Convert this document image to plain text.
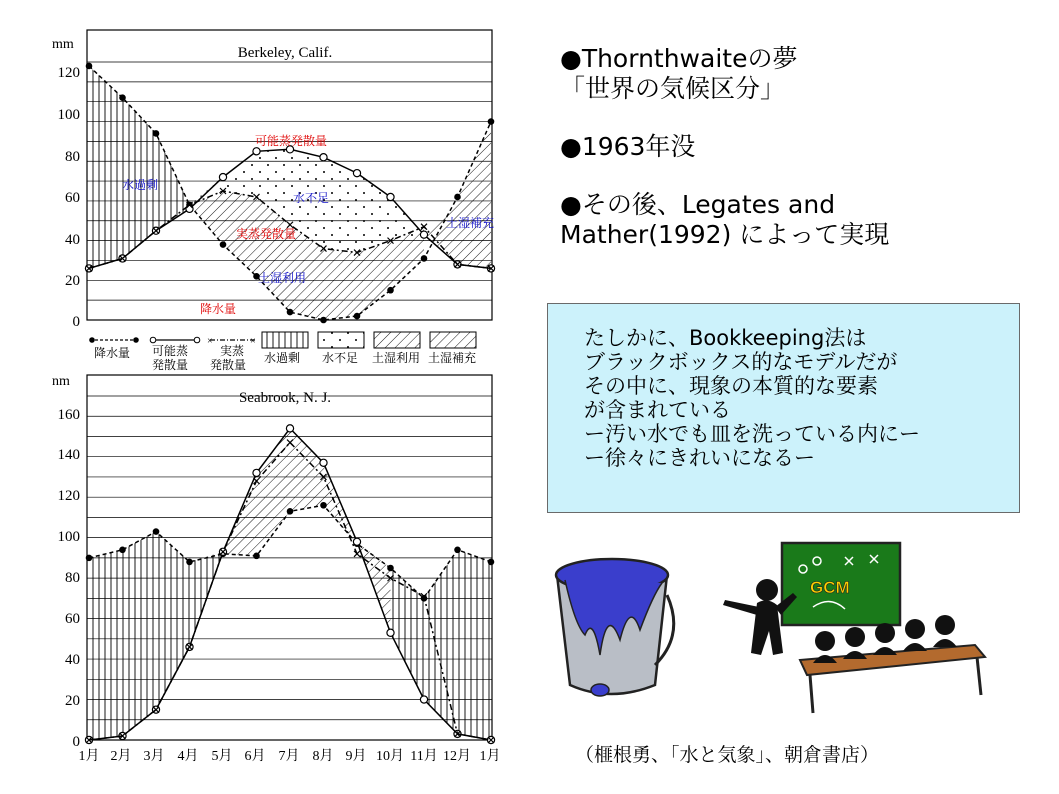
Berkeley, Calif.
mm
120
100
80
60
40
20
0
可能蒸発散量
水過剰
水不足
実蒸発散量
土湿補充
土湿利用
降水量
降水量 可能蒸
発散量
×	×
実蒸
発散量 水過剰 水不足 土湿利用 土湿補充
Seabrook, N. J.
nm
160
140
120
100
80
60
40
20
0
1月 2月 3月 4月 5月 6月 7月 8月 9月 10月 11月 12月 1月
●Thornthwaiteの夢
「世界の気候区分」
●1963年没
●その後、Legates and
Mather(1992) によって実現
たしかに、Bookkeeping法は
ブラックボックス的なモデルだが
その中に、現象の本質的な要素
が含まれている
ー汚い水でも皿を洗っている内にー
ー徐々にきれいになるー
GCM
（榧根勇、「水と気象」、朝倉書店）
